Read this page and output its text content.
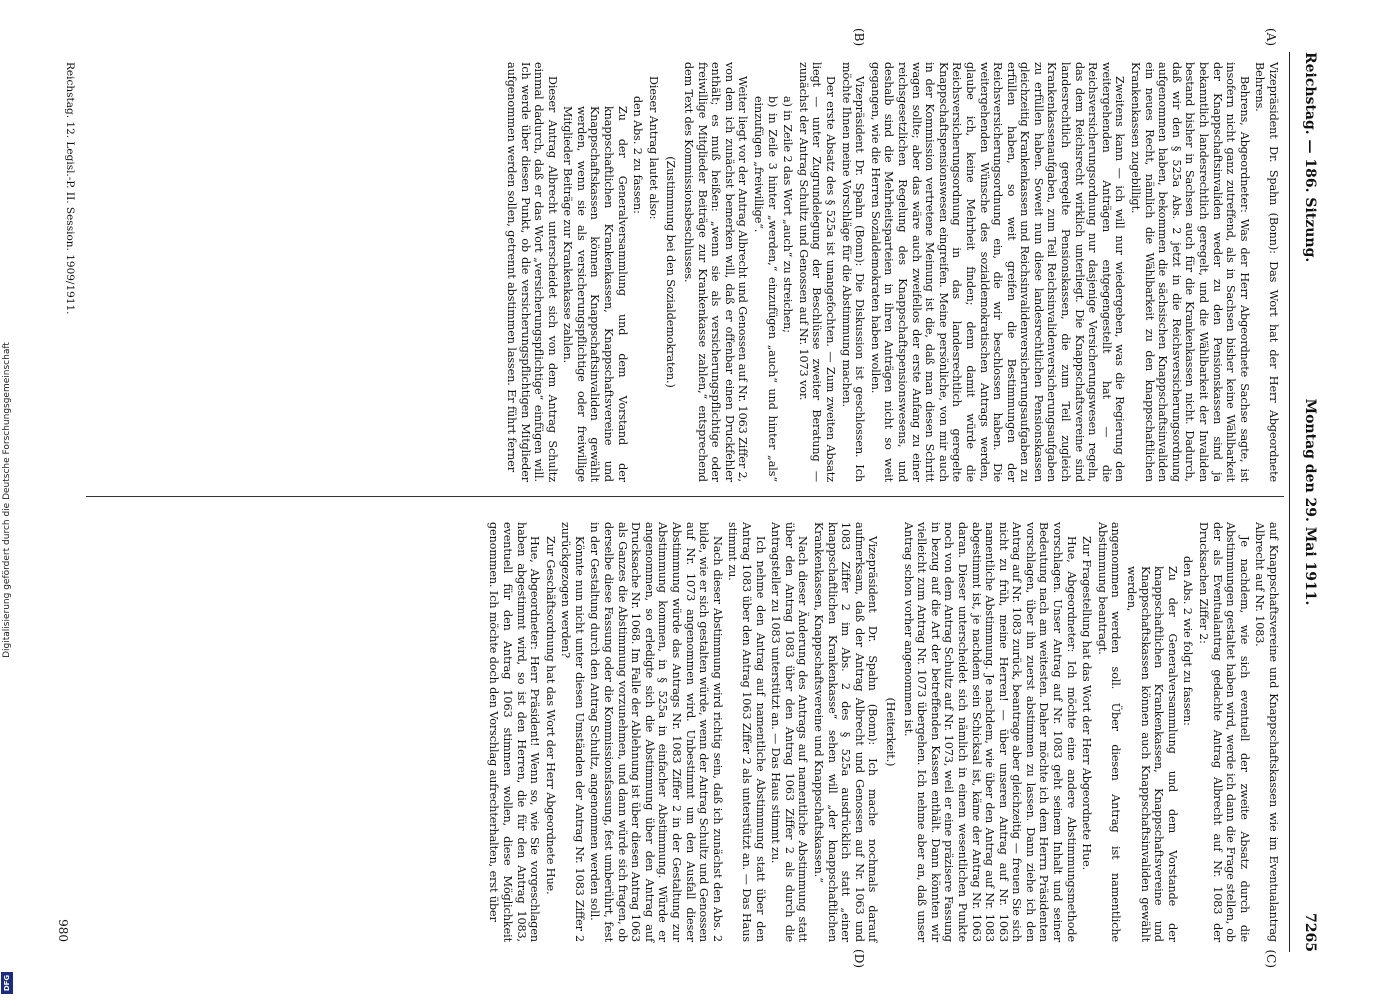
Digitalisierung gefördert durch die Deutsche Forschungsgemeinschaft
DFG
Reichstag. — 186. Sitzung.
Montag den 29. Mai 1911.
7265
(A)
(B)
(C)
(D)

Vizepräsident Dr. Spahn (Bonn): Das Wort hat der Herr Abgeordnete Behrens.

Behrens, Abgeordneter: Was der Herr Abgeordnete Sachse sagte, ist insofern nicht ganz zutreffend, als in Sachsen bisher keine Wählbarkeit der Knappschaftsinvaliden weder zu den Pensionskassen sind ja bekanntlich landesrechtlich geregelt, und die Wählbarkeit der Invaliden bestand bisher in Sachsen auch für die Krankenkassen nicht. Dadurch, daß wir den § 525a Abs. 2 jetzt in die Reichsversicherungsordnung aufgenommen haben, bekommen die sächsischen Knappschaftsinvaliden ein neues Recht, nämlich die Wählbarkeit zu den knappschaftlichen Krankenkassen zugebilligt.

Zweitens kann — ich will nur wiedergeben, was die Regierung den weitergehenden Anträgen entgegengestellt hat — die Reichsversicherungsordnung nur dasjenige Versicherungswesen regeln, das dem Reichsrecht wirklich unterliegt. Die Knappschaftsvereine sind landesrechtlich geregelte Pensionskassen, die zum Teil zugleich Krankenkassenaufgaben, zum Teil Reichsinvalidenversicherungsaufgaben zu erfüllen haben. Soweit nun diese landesrechtlichen Pensionskassen gleichzeitig Krankenkassen und Reichsinvalidenversicherungsaufgaben zu erfüllen haben, so weit greifen die Bestimmungen der Reichsversicherungsordnung ein, die wir beschlossen haben. Die weitergehenden Wünsche des sozialdemokratischen Antrags werden, glaube ich, keine Mehrheit finden; denn damit würde die Reichsversicherungsordnung in das landesrechtlich geregelte Knappschaftspensionswesen eingreifen. Meine persönliche, von mir auch in der Kommission vertretene Meinung ist die, daß man diesen Schritt wagen sollte; aber das wäre auch zweifellos der erste Anfang zu einer reichsgesetzlichen Regelung des Knappschaftspensionswesens, und deshalb sind die Mehrheitsparteien in ihren Anträgen nicht so weit gegangen, wie die Herren Sozialdemokraten haben wollen.

Vizepräsident Dr. Spahn (Bonn): Die Diskussion ist geschlossen. Ich möchte Ihnen meine Vorschläge für die Abstimmung machen.

Der erste Absatz des § 525a ist unangefochten. — Zum zweiten Absatz liegt — unter Zugrundelegung der Beschlüsse zweiter Beratung — zunächst der Antrag Schultz und Genossen auf Nr. 1073 vor.

a) in Zeile 2 das Wort „auch“ zu streichen;

b) in Zeile 3 hinter „werden,“ einzufügen „auch“ und hinter „als“ einzufügen „freiwillige“.

Weiter liegt vor der Antrag Albrecht und Genossen auf Nr. 1063 Ziffer 2, von dem ich zunächst bemerken will, daß er offenbar einen Druckfehler enthält; es muß heißen: „wenn sie als versicherungspflichtige oder freiwillige Mitglieder Beiträge zur Krankenkasse zahlen,“ entsprechend dem Text des Kommissionsbeschlusses.

(Zustimmung bei den Sozialdemokraten.)

Dieser Antrag lautet also:

den Abs. 2 zu fassen:

Zu der Generalversammlung und dem Vorstand der knappschaftlichen Krankenkassen, Knappschaftsvereine und Knappschaftskassen können Knappschaftsinvaliden gewählt werden, wenn sie als versicherungspflichtige oder freiwillige Mitglieder Beiträge zur Krankenkasse zahlen.

Dieser Antrag Albrecht unterscheidet sich von dem Antrag Schultz einmal dadurch, daß er das Wort „versicherungspflichtige“ einfügen will. Ich werde über diesen Punkt, ob die versicherungspflichtigen Mitglieder aufgenommen werden sollen, getrennt abstimmen lassen. Er führt ferner

auf Knappschaftsvereine und Knappschaftskassen wie im Eventualantrag Albrecht auf Nr. 1083.

Je nachdem, wie sich eventuell der zweite Absatz durch die Abstimmungen gestaltet haben wird, werde ich dann die Frage stellen, ob der als Eventualantrag gedachte Antrag Albrecht auf Nr. 1083 der Drucksachen Ziffer 2:

den Abs. 2 wie folgt zu fassen:

Zu der Generalversammlung und dem Vorstande der knappschaftlichen Krankenkassen, Knappschaftsvereine und Knappschaftskassen können auch Knappschaftsinvaliden gewählt werden,

angenommen werden soll. Über diesen Antrag ist namentliche Abstimmung beantragt.

Zur Fragestellung hat das Wort der Herr Abgeordnete Hue.

Hue, Abgeordneter: Ich möchte eine andere Abstimmungsmethode vorschlagen. Unser Antrag auf Nr. 1083 geht seinem Inhalt und seiner Bedeutung nach am weitesten. Daher möchte ich dem Herrn Präsidenten vorschlagen, über ihn zuerst abstimmen zu lassen. Dann ziehe ich den Antrag auf Nr. 1083 zurück, beantrage aber gleichzeitig — freuen Sie sich nicht zu früh, meine Herren! — über unseren Antrag auf Nr. 1063 namentliche Abstimmung. Je nachdem, wie über den Antrag auf Nr. 1083 abgestimmt ist, je nachdem sein Schicksal ist, käme der Antrag Nr. 1063 daran. Dieser unterscheidet sich nämlich in einem wesentlichen Punkte noch von dem Antrag Schultz auf Nr. 1073, weil er eine präzisere Fassung in bezug auf die Art der betreffenden Kassen enthält. Dann könnten wir vielleicht zum Antrag Nr. 1073 übergehen. Ich nehme aber an, daß unser Antrag schon vorher angenommen ist.

(Heiterkeit.)

Vizepräsident Dr. Spahn (Bonn): Ich mache nochmals darauf aufmerksam, daß der Antrag Albrecht und Genossen auf Nr. 1063 und 1083 Ziffer 2 im Abs. 2 des § 525a ausdrücklich statt „einer knappschaftlichen Krankenkasse“ sehen will „der knappschaftlichen Krankenkassen, Knappschaftsvereine und Knappschaftskassen.“

Nach dieser Änderung des Antrags auf namentliche Abstimmung statt über den Antrag 1083 über den Antrag 1063 Ziffer 2 als durch die Antragsteller zu 1083 unterstützt an. — Das Haus stimmt zu.

Ich nehme den Antrag auf namentliche Abstimmung statt über den Antrag 1083 über den Antrag 1063 Ziffer 2 als unterstützt an. — Das Haus stimmt zu.

Nach dieser Abstimmung wird richtig sein, daß ich zunächst den Abs. 2 bilde, wie er sich gestalten würde, wenn der Antrag Schultz und Genossen auf Nr. 1073 angenommen wird. Unbestimmt um den Ausfall dieser Abstimmung würde das Antrags Nr. 1083 Ziffer 2 in der Gestaltung zur Abstimmung kommen, in § 525a in einfacher Abstimmung. Würde er angenommen, so erledigte sich die Abstimmung über den Antrag auf Drucksache Nr. 1068. Im Falle der Ablehnung ist über diesen Antrag 1063 als Ganzes die Abstimmung vorzunehmen, und dann würde sich fragen, ob derselbe diese Fassung oder die Kommissionsfassung, fest umberührt, fest in der Gestaltung durch den Antrag Schultz, angenommen werden soll.

Könnte nun nicht unter diesen Umständen der Antrag Nr. 1083 Ziffer 2 zurückgezogen werden?

Zur Geschäftsordnung hat das Wort der Herr Abgeordnete Hue.

Hue, Abgeordneter: Herr Präsident! Wenn so, wie Sie vorgeschlagen haben abgestimmt wird, so ist den Herren, die für den Antrag 1083, eventuell für den Antrag 1063 stimmen wollen, diese Möglichkeit genommen. Ich möchte doch den Vorschlag aufrechterhalten, erst über

Reichstag. 12. Legisl.-P. II. Session. 1909/1911.
980
